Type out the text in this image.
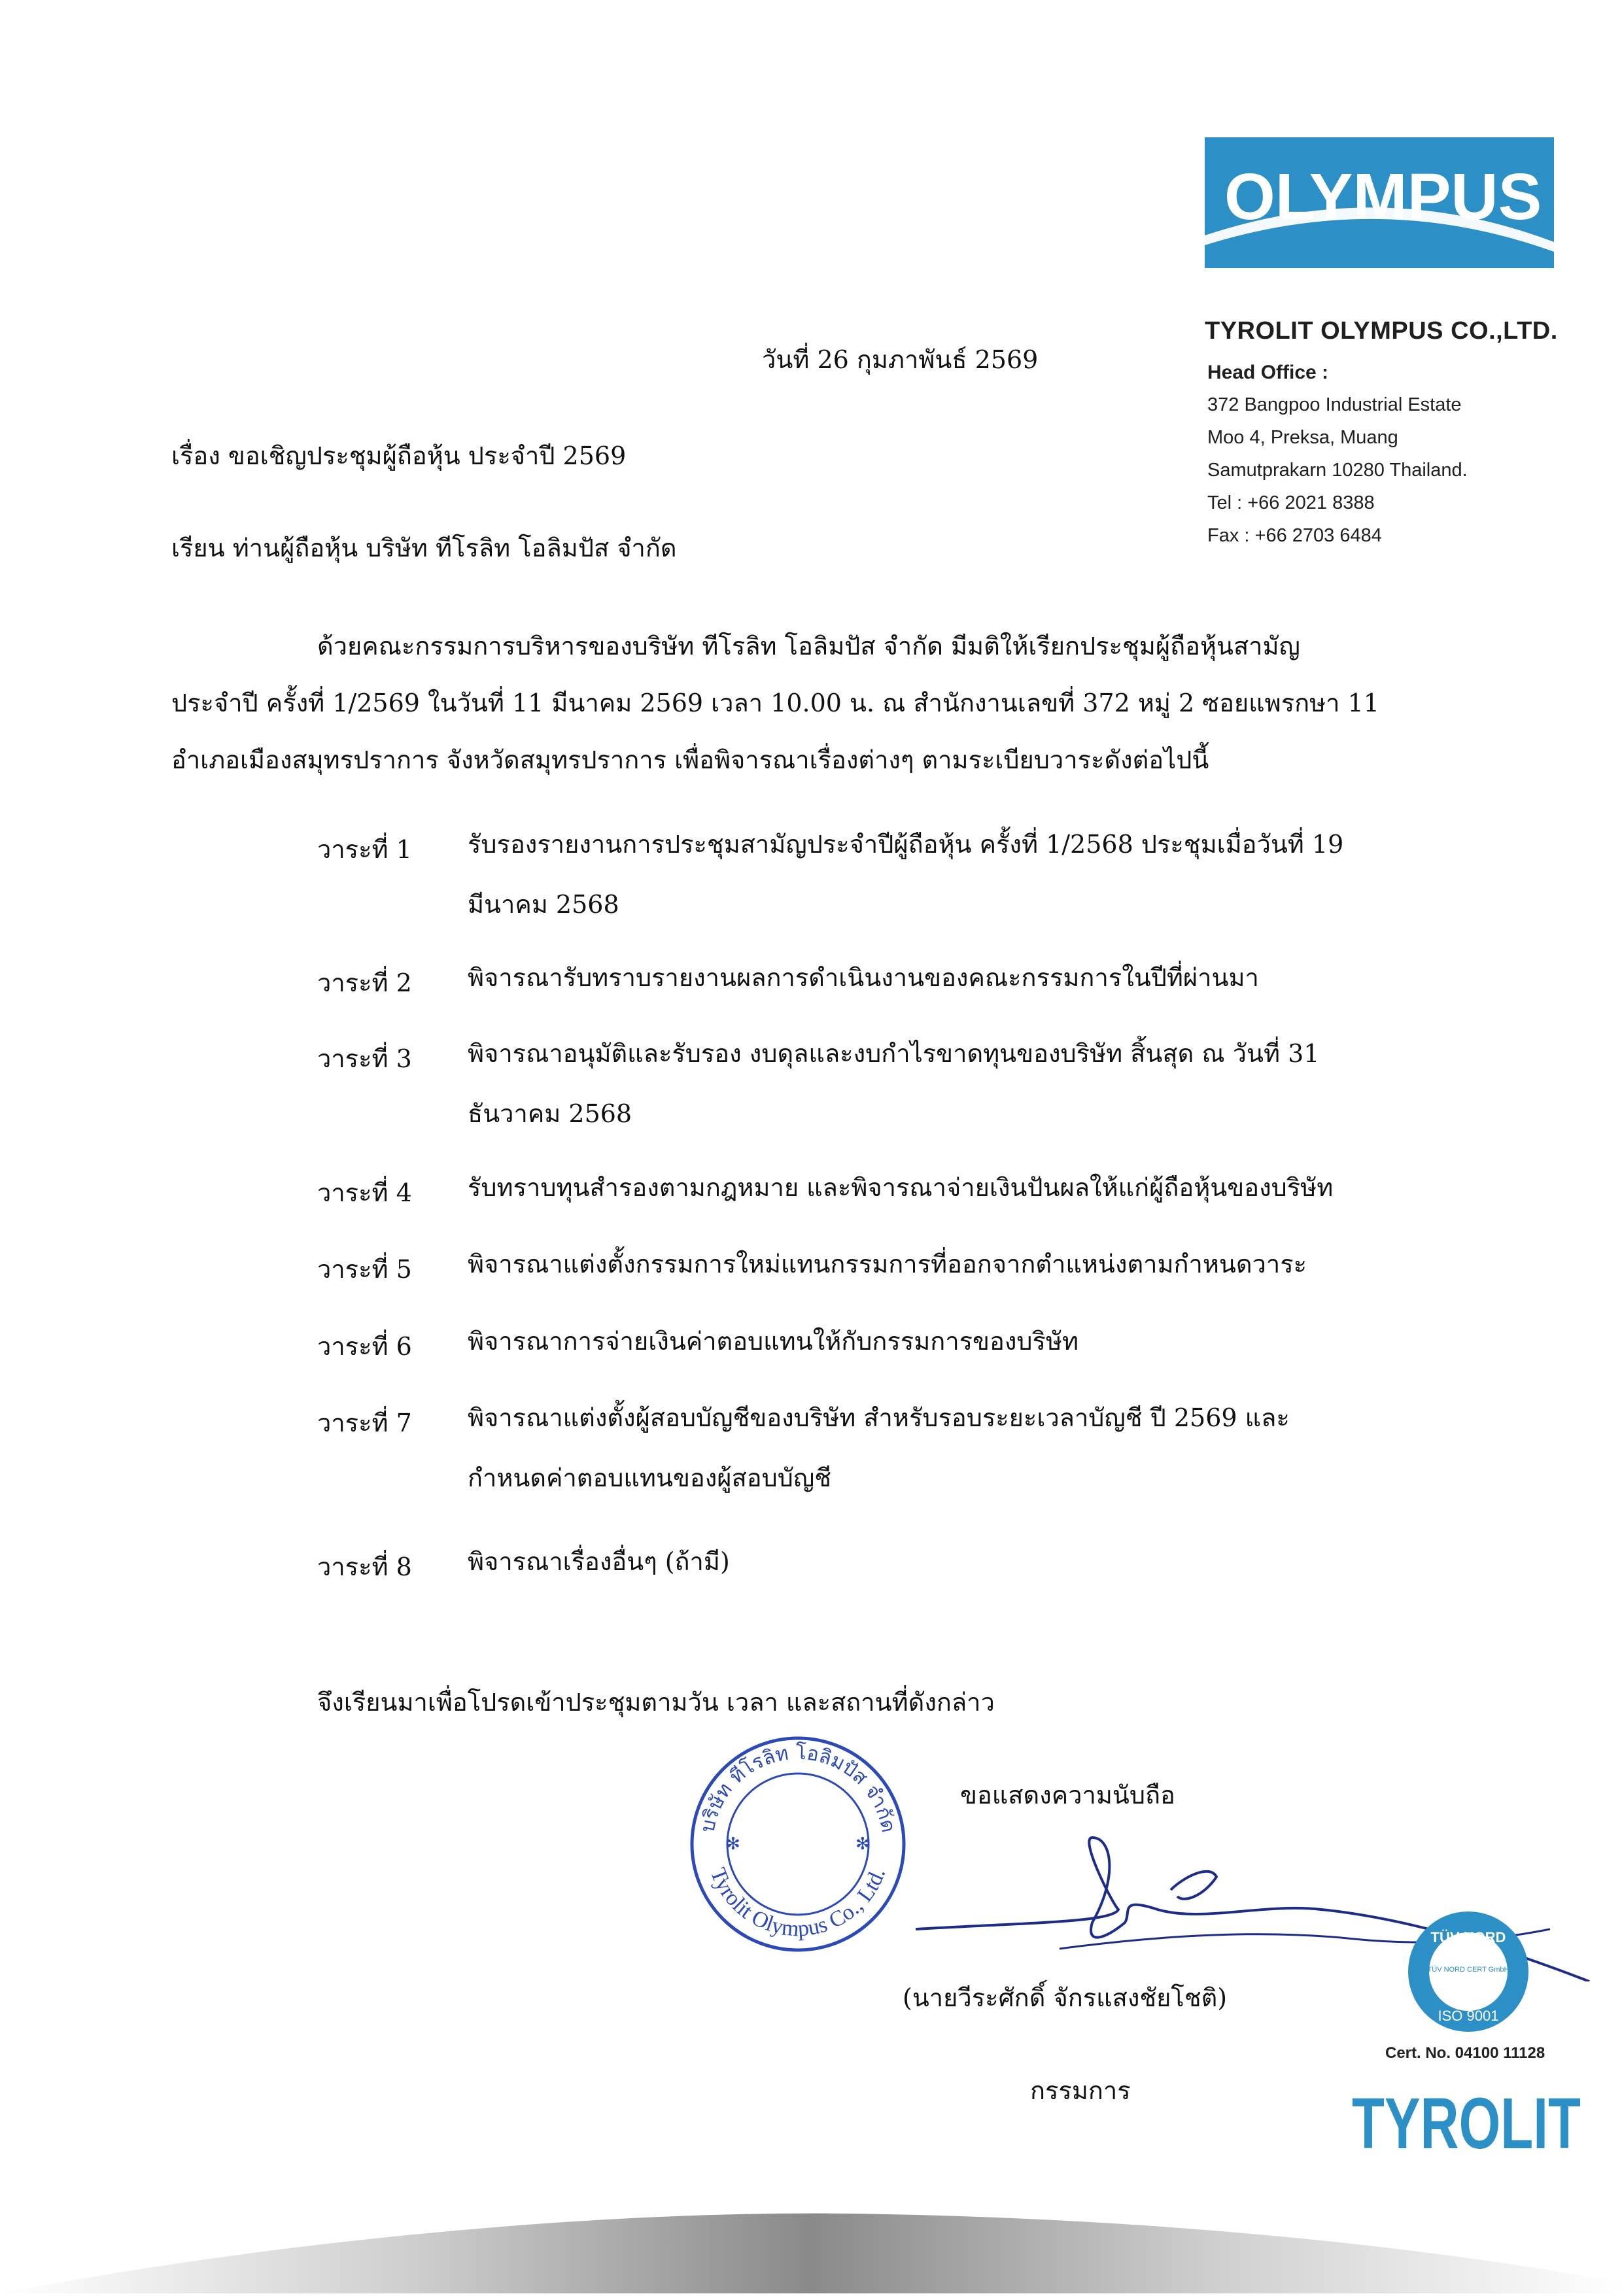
OLYMPUS
TYROLIT OLYMPUS CO.,LTD.
Head Office :
372 Bangpoo Industrial Estate
Moo 4, Preksa, Muang
Samutprakarn 10280 Thailand.
Tel : +66 2021 8388
Fax : +66 2703 6484
วันที่ 26 กุมภาพันธ์ 2569
เรื่อง ขอเชิญประชุมผู้ถือหุ้น ประจำปี 2569
เรียน ท่านผู้ถือหุ้น บริษัท ทีโรลิท โอลิมปัส จำกัด
ด้วยคณะกรรมการบริหารของบริษัท ทีโรลิท โอลิมปัส จำกัด มีมติให้เรียกประชุมผู้ถือหุ้นสามัญ
ประจำปี ครั้งที่ 1/2569 ในวันที่ 11 มีนาคม 2569 เวลา 10.00 น. ณ สำนักงานเลขที่ 372 หมู่ 2 ซอยแพรกษา 11
อำเภอเมืองสมุทรปราการ จังหวัดสมุทรปราการ เพื่อพิจารณาเรื่องต่างๆ ตามระเบียบวาระดังต่อไปนี้
วาระที่ 1 รับรองรายงานการประชุมสามัญประจำปีผู้ถือหุ้น ครั้งที่ 1/2568 ประชุมเมื่อวันที่ 19
มีนาคม 2568
วาระที่ 2 พิจารณารับทราบรายงานผลการดำเนินงานของคณะกรรมการในปีที่ผ่านมา
วาระที่ 3 พิจารณาอนุมัติและรับรอง งบดุลและงบกำไรขาดทุนของบริษัท สิ้นสุด ณ วันที่ 31
ธันวาคม 2568
วาระที่ 4 รับทราบทุนสำรองตามกฎหมาย และพิจารณาจ่ายเงินปันผลให้แก่ผู้ถือหุ้นของบริษัท
วาระที่ 5 พิจารณาแต่งตั้งกรรมการใหม่แทนกรรมการที่ออกจากตำแหน่งตามกำหนดวาระ
วาระที่ 6 พิจารณาการจ่ายเงินค่าตอบแทนให้กับกรรมการของบริษัท
วาระที่ 7 พิจารณาแต่งตั้งผู้สอบบัญชีของบริษัท สำหรับรอบระยะเวลาบัญชี ปี 2569 และ
กำหนดค่าตอบแทนของผู้สอบบัญชี
วาระที่ 8 พิจารณาเรื่องอื่นๆ (ถ้ามี)
จึงเรียนมาเพื่อโปรดเข้าประชุมตามวัน เวลา และสถานที่ดังกล่าว
ขอแสดงความนับถือ
บริษัท ทีโรลิท โอลิมปัส จำกัด
Tyrolit Olympus Co., Ltd.
✻	✻
(นายวีระศักดิ์ จักรแสงชัยโชติ)
กรรมการ
TÜV NORD
TÜV NORD CERT GmbH
ISO 9001
Cert. No. 04100 11128
TYROLIT
